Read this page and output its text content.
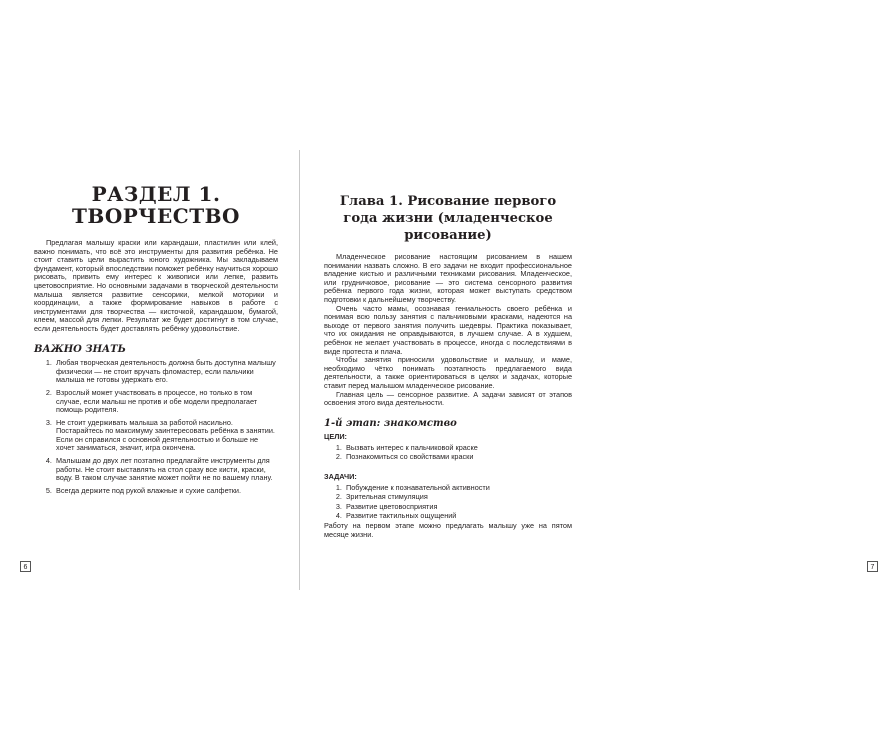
РАЗДЕЛ 1. ТВОРЧЕСТВО

Предлагая малышу краски или карандаши, пластилин или клей, важно понимать, что всё это инструменты для развития ребёнка. Не стоит ставить цели вырастить юного художника. Мы закладываем фундамент, который впоследствии поможет ребёнку научиться хорошо рисовать, привить ему интерес к живописи или лепке, развить цветовосприятие. Но основными задачами в творческой деятельности малыша является развитие сенсорики, мелкой моторики и координации, а также формирование навыков в работе с инструментами для творчества — кисточкой, карандашом, бумагой, клеем, массой для лепки. Результат же будет достигнут в том случае, если деятельность будет доставлять ребёнку удовольствие.

ВАЖНО ЗНАТЬ
1. Любая творческая деятельность должна быть доступна малышу физически — не стоит вручать фломастер, если пальчики малыша не готовы удержать его.
2. Взрослый может участвовать в процессе, но только в том случае, если малыш не против и обе модели предполагает помощь родителя.
3. Не стоит удерживать малыша за работой насильно. Постарайтесь по максимуму заинтересовать ребёнка в занятии. Если он справился с основной деятельностью и больше не хочет заниматься, значит, игра окончена.
4. Малышам до двух лет позтапно предлагайте инструменты для работы. Не стоит выставлять на стол сразу все кисти, краски, воду. В таком случае занятие может пойти не по вашему плану.
5. Всегда держите под рукой влажные и сухие салфетки.
6
Глава 1. Рисование первого года жизни (младенческое рисование)

Младенческое рисование настоящим рисованием в нашем понимании назвать сложно. В его задачи не входит профессиональное владение кистью и различными техниками рисования. Младенческое, или грудничковое, рисование — это система сенсорного развития ребёнка первого года жизни, которая может выступать средством подготовки к дальнейшему творчеству.

Очень часто мамы, осознавая гениальность своего ребёнка и понимая всю пользу занятия с пальчиковыми красками, надеются на выходе от первого занятия получить шедевры. Практика показывает, что их ожидания не оправдываются, в лучшем случае. А в худшем, ребёнок не желает участвовать в процессе, иногда с последствиями в виде протеста и плача.

Чтобы занятия приносили удовольствие и малышу, и маме, необходимо чётко понимать поэтапность предлагаемого вида деятельности, а также ориентироваться в целях и задачах, которые ставит перед малышом младенческое рисование.

Главная цель — сенсорное развитие. А задачи зависят от этапов освоения этого вида деятельности.

1-й этап: знакомство

ЦЕЛИ:

1. Вызвать интерес к пальчиковой краске
2. Познакомиться со свойствами краски

ЗАДАЧИ:

1. Побуждение к познавательной активности
2. Зрительная стимуляция
3. Развитие цветовосприятия
4. Развитие тактильных ощущений

Работу на первом этапе можно предлагать малышу уже на пятом месяце жизни.

7
